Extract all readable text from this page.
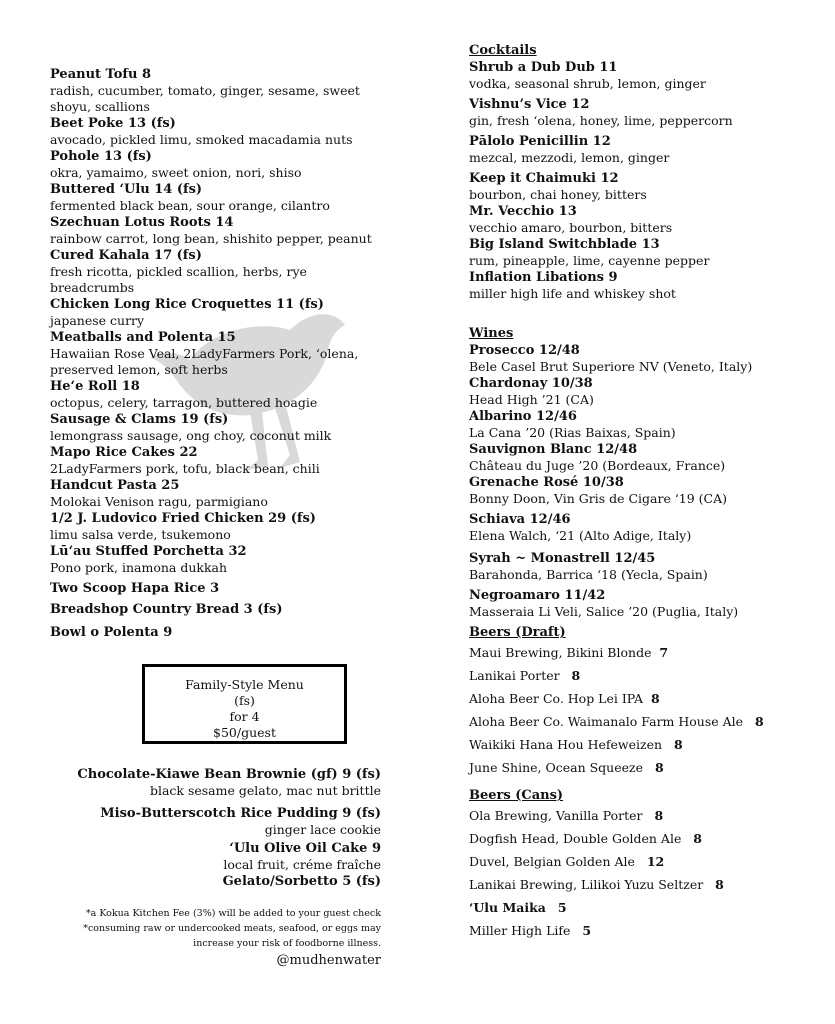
Peanut Tofu 8
radish, cucumber, tomato, ginger, sesame, sweet shoyu, scallions
Beet Poke 13 (fs)
avocado, pickled limu, smoked macadamia nuts
Pohole 13 (fs)
okra, yamaimo, sweet onion, nori, shiso
Buttered ‘Ulu 14 (fs)
fermented black bean, sour orange, cilantro
Szechuan Lotus Roots 14
rainbow carrot, long bean, shishito pepper, peanut
Cured Kahala 17 (fs)
fresh ricotta, pickled scallion, herbs, rye breadcrumbs
Chicken Long Rice Croquettes 11 (fs)
japanese curry
Meatballs and Polenta 15
Hawaiian Rose Veal, 2LadyFarmers Pork, ‘olena, preserved lemon, soft herbs
He‘e Roll 18
octopus, celery, tarragon, buttered hoagie
Sausage & Clams 19 (fs)
lemongrass sausage, ong choy, coconut milk
Mapo Rice Cakes 22
2LadyFarmers pork, tofu, black bean, chili
Handcut Pasta 25
Molokai Venison ragu, parmigiano
1/2 J. Ludovico Fried Chicken 29 (fs)
limu salsa verde, tsukemono
Lū‘au Stuffed Porchetta 32
Pono pork, inamona dukkah
Two Scoop Hapa Rice 3
Breadshop Country Bread 3 (fs)
Bowl o Polenta 9
Family-Style Menu
(fs)
for 4
$50/guest
Chocolate-Kiawe Bean Brownie (gf) 9 (fs)
black sesame gelato, mac nut brittle
Miso-Butterscotch Rice Pudding 9 (fs)
ginger lace cookie
‘Ulu Olive Oil Cake 9
local fruit, créme fraîche
Gelato/Sorbetto 5 (fs)
*a Kokua Kitchen Fee (3%) will be added to your guest check
*consuming raw or undercooked meats, seafood, or eggs may
increase your risk of foodborne illness.
@mudhenwater
Cocktails
Shrub a Dub Dub 11
vodka, seasonal shrub, lemon, ginger
Vishnu’s Vice 12
gin, fresh ‘olena, honey, lime, peppercorn
Pālolo Penicillin 12
mezcal, mezzodi, lemon, ginger
Keep it Chaimuki 12
bourbon, chai honey, bitters
Mr. Vecchio 13
vecchio amaro, bourbon, bitters
Big Island Switchblade 13
rum, pineapple, lime, cayenne pepper
Inflation Libations 9
miller high life and whiskey shot
Wines
Prosecco 12/48
Bele Casel Brut Superiore NV (Veneto, Italy)
Chardonay 10/38
Head High ’21 (CA)
Albarino 12/46
La Cana ’20 (Rias Baixas, Spain)
Sauvignon Blanc 12/48
Château du Juge ’20 (Bordeaux, France)
Grenache Rosé 10/38
Bonny Doon, Vin Gris de Cigare ‘19 (CA)
Schiava 12/46
Elena Walch, ‘21 (Alto Adige, Italy)
Syrah ~ Monastrell 12/45
Barahonda, Barrica ‘18 (Yecla, Spain)
Negroamaro 11/42
Masseraia Li Veli, Salice ’20 (Puglia, Italy)
Beers (Draft)
Maui Brewing, Bikini Blonde 7
Lanikai Porter 8
Aloha Beer Co. Hop Lei IPA 8
Aloha Beer Co. Waimanalo Farm House Ale 8
Waikiki Hana Hou Hefeweizen 8
June Shine, Ocean Squeeze 8
Beers (Cans)
Ola Brewing, Vanilla Porter 8
Dogfish Head, Double Golden Ale 8
Duvel, Belgian Golden Ale 12
Lanikai Brewing, Lilikoi Yuzu Seltzer 8
‘Ulu Maika 5
Miller High Life 5
